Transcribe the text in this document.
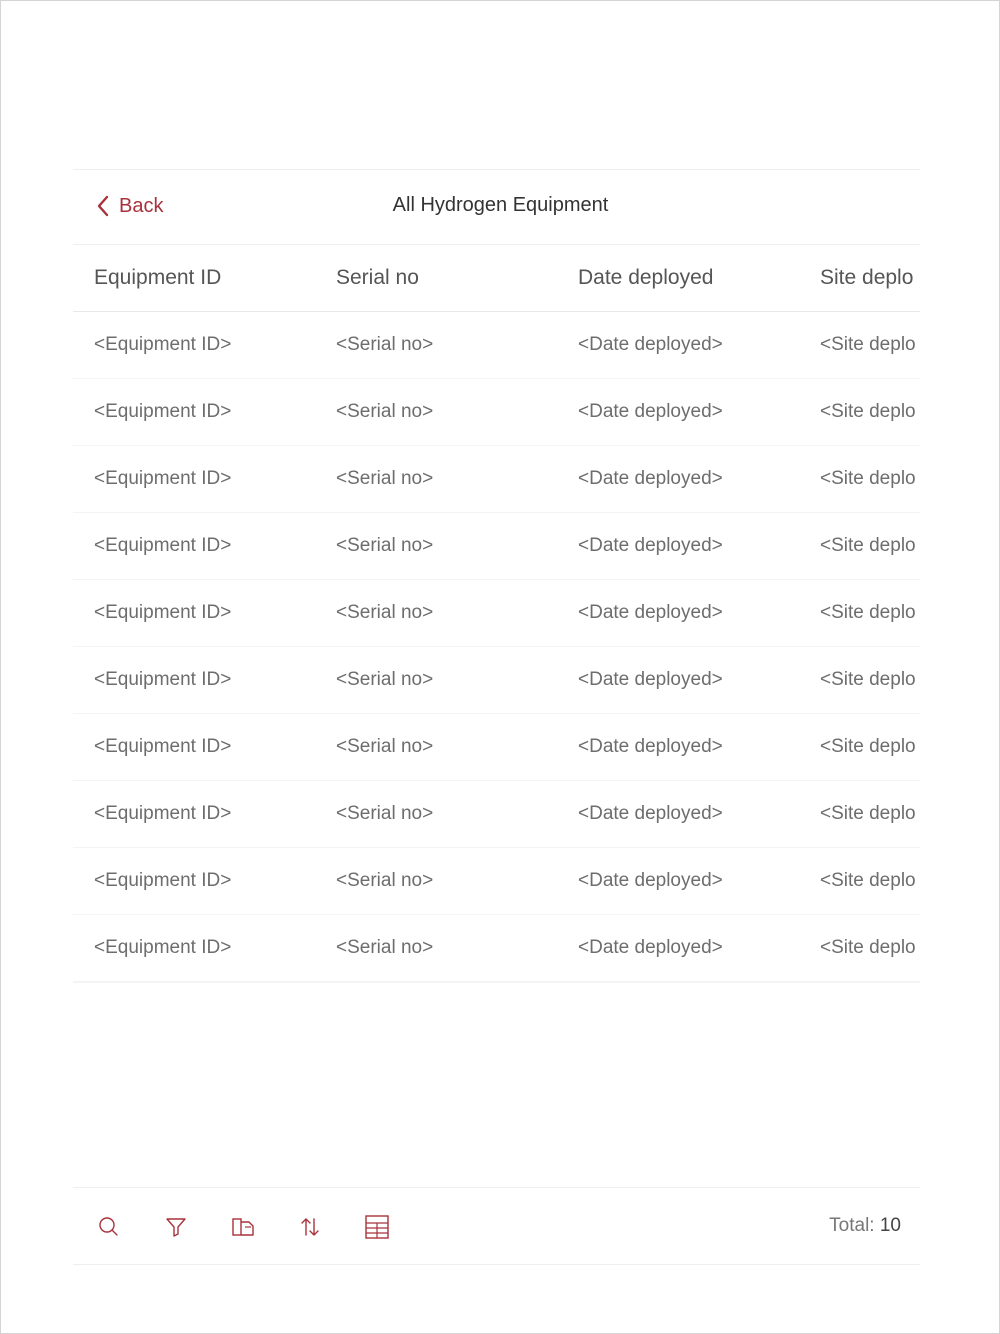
Back	All Hydrogen Equipment
Equipment ID	Serial no	Date deployed	Site deplo
<Equipment ID>	<Serial no>	<Date deployed>	<Site deplo
<Equipment ID>	<Serial no>	<Date deployed>	<Site deplo
<Equipment ID>	<Serial no>	<Date deployed>	<Site deplo
<Equipment ID>	<Serial no>	<Date deployed>	<Site deplo
<Equipment ID>	<Serial no>	<Date deployed>	<Site deplo
<Equipment ID>	<Serial no>	<Date deployed>	<Site deplo
<Equipment ID>	<Serial no>	<Date deployed>	<Site deplo
<Equipment ID>	<Serial no>	<Date deployed>	<Site deplo
<Equipment ID>	<Serial no>	<Date deployed>	<Site deplo
<Equipment ID>	<Serial no>	<Date deployed>	<Site deplo
Total: 10
